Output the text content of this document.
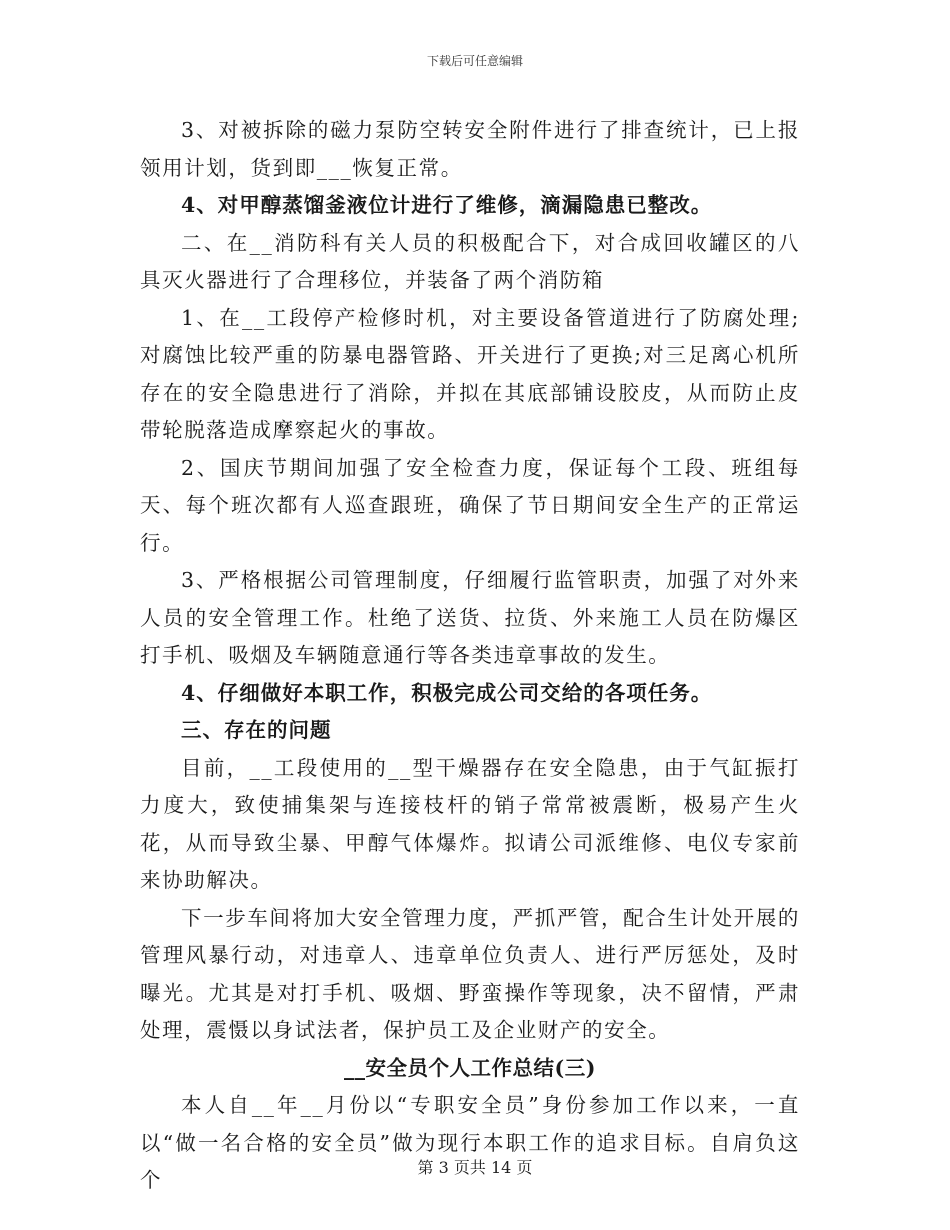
下载后可任意编辑

3、对被拆除的磁力泵防空转安全附件进行了排查统计，已上报领用计划，货到即___恢复正常。

4、对甲醇蒸馏釜液位计进行了维修，滴漏隐患已整改。

二、在__消防科有关人员的积极配合下，对合成回收罐区的八具灭火器进行了合理移位，并装备了两个消防箱

1、在__工段停产检修时机，对主要设备管道进行了防腐处理;对腐蚀比较严重的防暴电器管路、开关进行了更换;对三足离心机所存在的安全隐患进行了消除，并拟在其底部铺设胶皮，从而防止皮带轮脱落造成摩察起火的事故。

2、国庆节期间加强了安全检查力度，保证每个工段、班组每天、每个班次都有人巡查跟班，确保了节日期间安全生产的正常运行。

3、严格根据公司管理制度，仔细履行监管职责，加强了对外来人员的安全管理工作。杜绝了送货、拉货、外来施工人员在防爆区打手机、吸烟及车辆随意通行等各类违章事故的发生。

4、仔细做好本职工作，积极完成公司交给的各项任务。

三、存在的问题

目前，__工段使用的__型干燥器存在安全隐患，由于气缸振打力度大，致使捕集架与连接枝杆的销子常常被震断，极易产生火花，从而导致尘暴、甲醇气体爆炸。拟请公司派维修、电仪专家前来协助解决。

下一步车间将加大安全管理力度，严抓严管，配合生计处开展的管理风暴行动，对违章人、违章单位负责人、进行严厉惩处，及时曝光。尤其是对打手机、吸烟、野蛮操作等现象，决不留情，严肃处理，震慑以身试法者，保护员工及企业财产的安全。

__安全员个人工作总结(三)

本人自__年__月份以“专职安全员”身份参加工作以来，一直以“做一名合格的安全员”做为现行本职工作的追求目标。自肩负这个

第 3 页共 14 页
